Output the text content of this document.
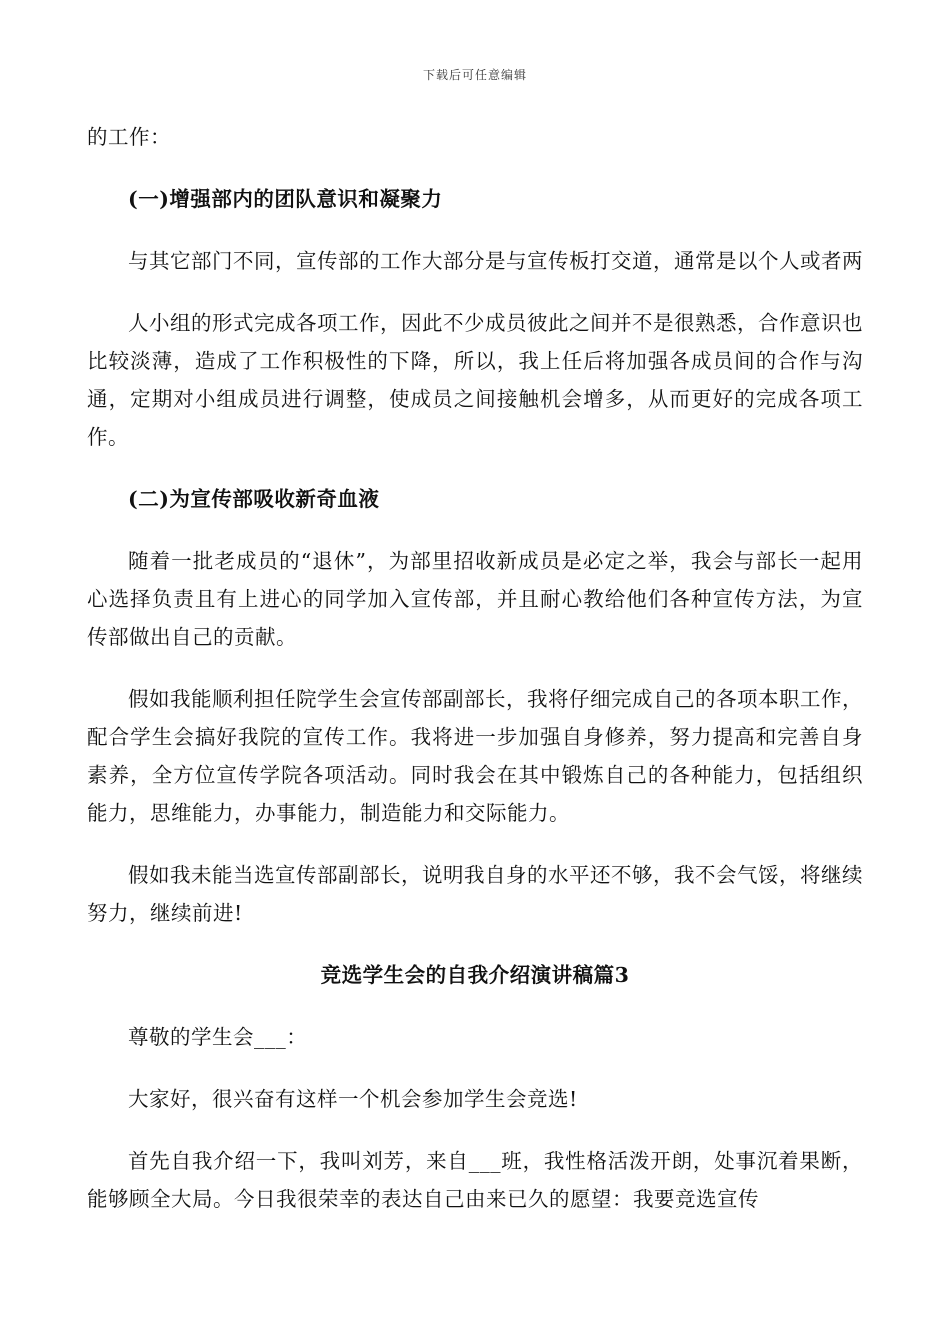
下载后可任意编辑

的工作：

(一)增强部内的团队意识和凝聚力

与其它部门不同，宣传部的工作大部分是与宣传板打交道，通常是以个人或者两

人小组的形式完成各项工作，因此不少成员彼此之间并不是很熟悉，合作意识也比较淡薄，造成了工作积极性的下降，所以，我上任后将加强各成员间的合作与沟通，定期对小组成员进行调整，使成员之间接触机会增多，从而更好的完成各项工作。

(二)为宣传部吸收新奇血液

随着一批老成员的“退休”，为部里招收新成员是必定之举，我会与部长一起用心选择负责且有上进心的同学加入宣传部，并且耐心教给他们各种宣传方法，为宣传部做出自己的贡献。

假如我能顺利担任院学生会宣传部副部长，我将仔细完成自己的各项本职工作，配合学生会搞好我院的宣传工作。我将进一步加强自身修养，努力提高和完善自身素养，全方位宣传学院各项活动。同时我会在其中锻炼自己的各种能力，包括组织能力，思维能力，办事能力，制造能力和交际能力。

假如我未能当选宣传部副部长，说明我自身的水平还不够，我不会气馁，将继续努力，继续前进!

竞选学生会的自我介绍演讲稿篇3

尊敬的学生会___：

大家好，很兴奋有这样一个机会参加学生会竞选!

首先自我介绍一下，我叫刘芳，来自___班，我性格活泼开朗，处事沉着果断，能够顾全大局。今日我很荣幸的表达自己由来已久的愿望：我要竞选宣传
